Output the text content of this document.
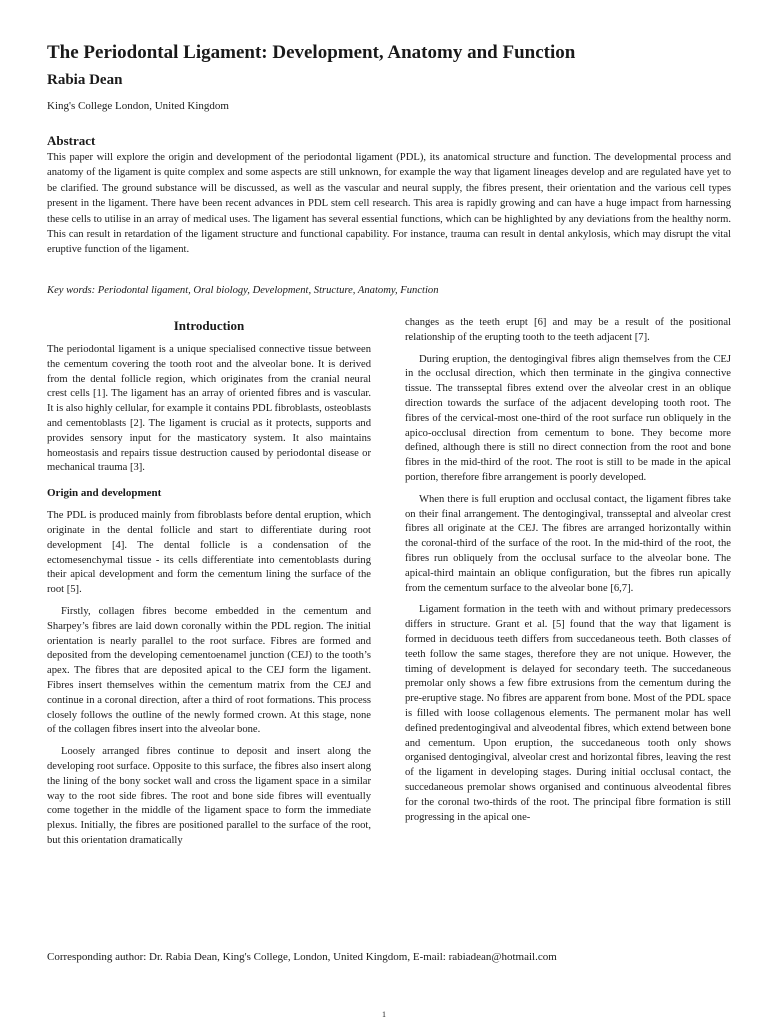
The Periodontal Ligament: Development, Anatomy and Function
Rabia Dean
King's College London, United Kingdom
Abstract

This paper will explore the origin and development of the periodontal ligament (PDL), its anatomical structure and function. The developmental process and anatomy of the ligament is quite complex and some aspects are still unknown, for example the way that ligament lineages develop and are regulated have yet to be clarified. The ground substance will be discussed, as well as the vascular and neural supply, the fibres present, their orientation and the various cell types present in the ligament. There have been recent advances in PDL stem cell research. This area is rapidly growing and can have a huge impact from harnessing these cells to utilise in an array of medical uses. The ligament has several essential functions, which can be highlighted by any deviations from the healthy norm. This can result in retardation of the ligament structure and functional capability. For instance, trauma can result in dental ankylosis, which may disrupt the vital eruptive function of the ligament.

Key words: Periodontal ligament, Oral biology, Development, Structure, Anatomy, Function

Introduction

The periodontal ligament is a unique specialised connective tissue between the cementum covering the tooth root and the alveolar bone. It is derived from the dental follicle region, which originates from the cranial neural crest cells [1]. The ligament has an array of oriented fibres and is vascular. It is also highly cellular, for example it contains PDL fibroblasts, osteoblasts and cementoblasts [2]. The ligament is crucial as it protects, supports and provides sensory input for the masticatory system. It also maintains homeostasis and repairs tissue destruction caused by periodontal disease or mechanical trauma [3].

Origin and development

The PDL is produced mainly from fibroblasts before dental eruption, which originate in the dental follicle and start to differentiate during root development [4]. The dental follicle is a condensation of the ectomesenchymal tissue - its cells differentiate into cementoblasts during their apical development and form the cementum lining the surface of the root [5].

Firstly, collagen fibres become embedded in the cementum and Sharpey’s fibres are laid down coronally within the PDL region. The initial orientation is nearly parallel to the root surface. Fibres are formed and deposited from the developing cementoenamel junction (CEJ) to the tooth’s apex. The fibres that are deposited apical to the CEJ form the ligament. Fibres insert themselves within the cementum matrix from the CEJ and continue in a coronal direction, after a third of root formations. This process closely follows the outline of the newly formed crown. At this stage, none of the collagen fibres insert into the alveolar bone.

Loosely arranged fibres continue to deposit and insert along the developing root surface. Opposite to this surface, the fibres also insert along the lining of the bony socket wall and cross the ligament space in a similar way to the root side fibres. The root and bone side fibres will eventually come together in the middle of the ligament space to form the immediate plexus. Initially, the fibres are positioned parallel to the surface of the root, but this orientation dramatically

changes as the teeth erupt [6] and may be a result of the positional relationship of the erupting tooth to the teeth adjacent [7].

During eruption, the dentogingival fibres align themselves from the CEJ in the occlusal direction, which then terminate in the gingiva connective tissue. The transseptal fibres extend over the alveolar crest in an oblique direction towards the surface of the adjacent developing tooth root. The fibres of the cervical-most one-third of the root surface run obliquely in the apico-occlusal direction from cementum to bone. They become more defined, although there is still no direct connection from the root and bone fibres in the mid-third of the root. The root is still to be made in the apical portion, therefore fibre arrangement is poorly developed.

When there is full eruption and occlusal contact, the ligament fibres take on their final arrangement. The dentogingival, transseptal and alveolar crest fibres all originate at the CEJ. The fibres are arranged horizontally within the coronal-third of the surface of the root. In the mid-third of the root, the fibres run obliquely from the occlusal surface to the alveolar bone. The apical-third maintain an oblique configuration, but the fibres run apically from the cementum surface to the alveolar bone [6,7].

Ligament formation in the teeth with and without primary predecessors differs in structure. Grant et al. [5] found that the way that ligament is formed in deciduous teeth differs from succedaneous teeth. Both classes of teeth follow the same stages, therefore they are not unique. However, the timing of development is delayed for secondary teeth. The succedaneous premolar only shows a few fibre extrusions from the cementum during the pre-eruptive stage. No fibres are apparent from bone. Most of the PDL space is filled with loose collagenous elements. The permanent molar has well defined predentogingival and alveodental fibres, which extend between bone and cementum. Upon eruption, the succedaneous tooth only shows organised dentogingival, alveolar crest and horizontal fibres, leaving the rest of the ligament in developing stages. During initial occlusal contact, the succedaneous premolar shows organised and continuous alveodental fibres for the coronal two-thirds of the root. The principal fibre formation is still progressing in the apical one-

Corresponding author: Dr. Rabia Dean, King's College, London, United Kingdom, E-mail: rabiadean@hotmail.com
1
